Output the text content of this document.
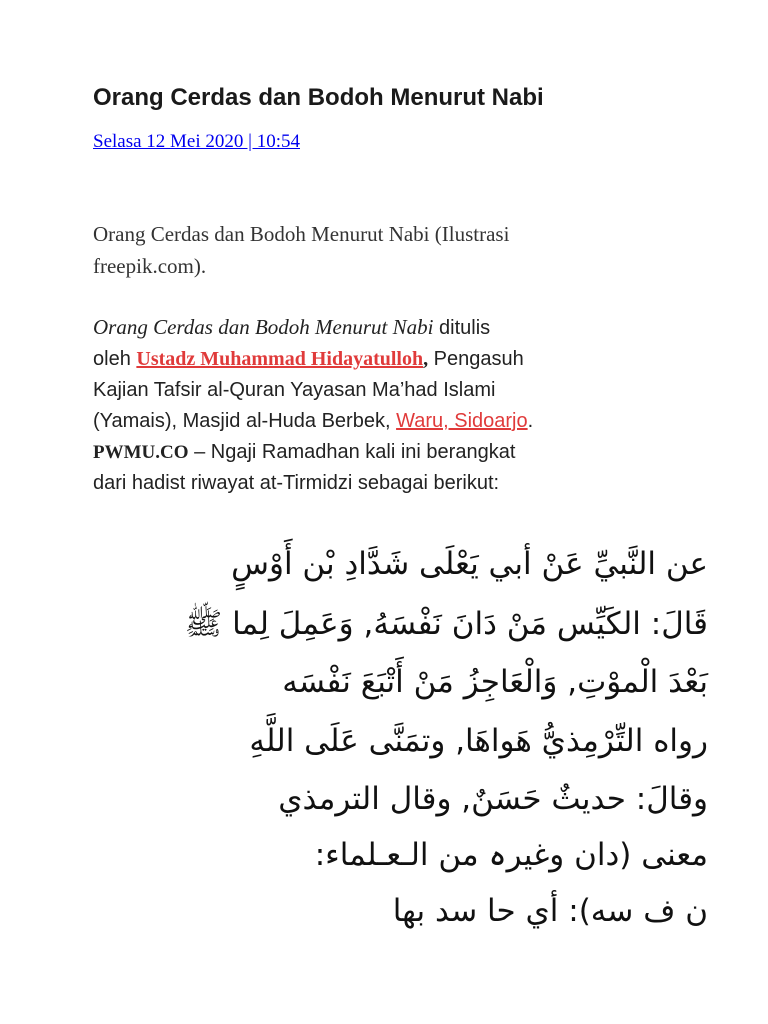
Orang Cerdas dan Bodoh Menurut Nabi
Selasa 12 Mei 2020 | 10:54

Orang Cerdas dan Bodoh Menurut Nabi (Ilustrasi
freepik.com).

Orang Cerdas dan Bodoh Menurut Nabi ditulis
oleh Ustadz Muhammad Hidayatulloh, Pengasuh
Kajian Tafsir al-Quran Yayasan Ma’had Islami
(Yamais), Masjid al-Huda Berbek, Waru, Sidoarjo.
PWMU.CO – Ngaji Ramadhan kali ini berangkat
dari hadist riwayat at-Tirmidzi sebagai berikut:

عن النَّبيِّ عَنْ أبي يَعْلَى شَدَّادِ بْن أَوْسٍ
قَالَ: الكَيِّس مَنْ دَانَ نَفْسَهُ, وَعَمِلَ لِما ﷺ
بَعْدَ الْموْتِ, وَالْعَاجِزُ مَنْ أَتْبَعَ نَفْسَه
رواه التِّرْمِذيُّ هَواهَا, وتمَنَّى عَلَى اللَّهِ
وقالَ: حديثٌ حَسَنٌ, وقال الترمذي
معنی (دان وغیرہ من الـعـلماء:
ن ف سه): أي حا سد بها
